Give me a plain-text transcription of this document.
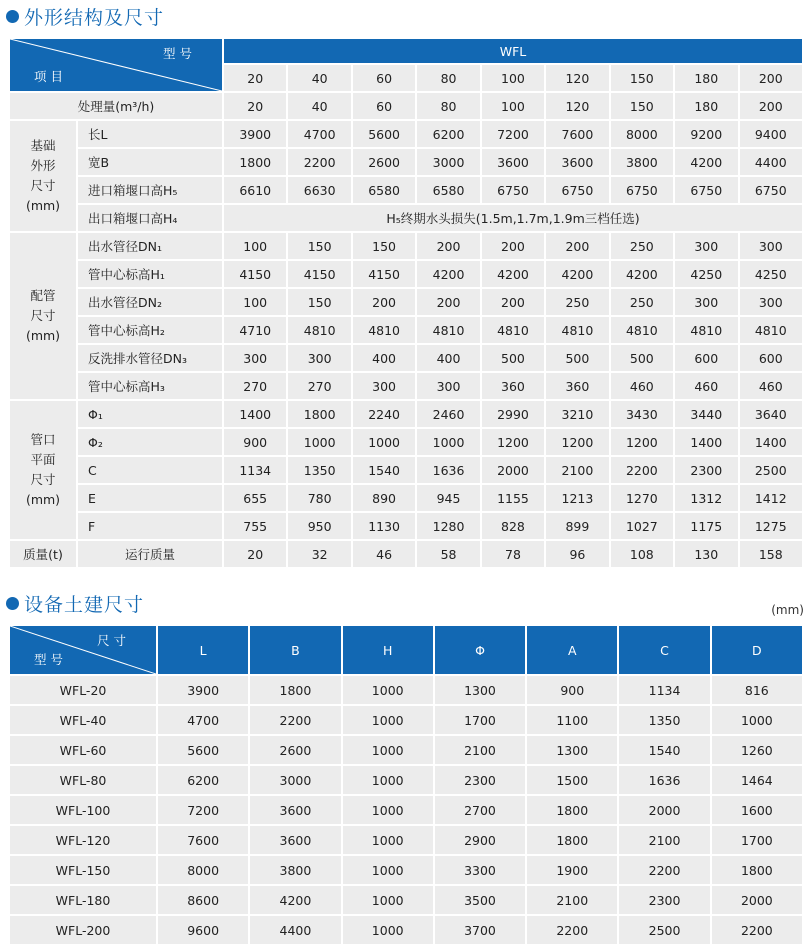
外形结构及尺寸
型 号
项 目		WFL								
		20	40	60	80	100	120	150	180	200
处理量(m³/h)		20	40	60	80	100	120	150	180	200
基础
外形
尺寸
(mm)	长L	3900	4700	5600	6200	7200	7600	8000	9200	9400
	宽B	1800	2200	2600	3000	3600	3600	3800	4200	4400
	进口箱堰口高H₅	6610	6630	6580	6580	6750	6750	6750	6750	6750
	出口箱堰口高H₄	H₅终期水头损失(1.5m,1.7m,1.9m三档任选)								
配管
尺寸
(mm)	出水管径DN₁	100	150	150	200	200	200	250	300	300
	管中心标高H₁	4150	4150	4150	4200	4200	4200	4200	4250	4250
	出水管径DN₂	100	150	200	200	200	250	250	300	300
	管中心标高H₂	4710	4810	4810	4810	4810	4810	4810	4810	4810
	反洗排水管径DN₃	300	300	400	400	500	500	500	600	600
	管中心标高H₃	270	270	300	300	360	360	460	460	460
管口
平面
尺寸
(mm)	Φ₁	1400	1800	2240	2460	2990	3210	3430	3440	3640
	Φ₂	900	1000	1000	1000	1200	1200	1200	1400	1400
	C	1134	1350	1540	1636	2000	2100	2200	2300	2500
	E	655	780	890	945	1155	1213	1270	1312	1412
	F	755	950	1130	1280	828	899	1027	1175	1275
质量(t)	运行质量	20	32	46	58	78	96	108	130	158
设备土建尺寸	(mm)
尺 寸
型 号	L	B	H	Φ	A	C	D
WFL-20	3900	1800	1000	1300	900	1134	816
WFL-40	4700	2200	1000	1700	1100	1350	1000
WFL-60	5600	2600	1000	2100	1300	1540	1260
WFL-80	6200	3000	1000	2300	1500	1636	1464
WFL-100	7200	3600	1000	2700	1800	2000	1600
WFL-120	7600	3600	1000	2900	1800	2100	1700
WFL-150	8000	3800	1000	3300	1900	2200	1800
WFL-180	8600	4200	1000	3500	2100	2300	2000
WFL-200	9600	4400	1000	3700	2200	2500	2200
